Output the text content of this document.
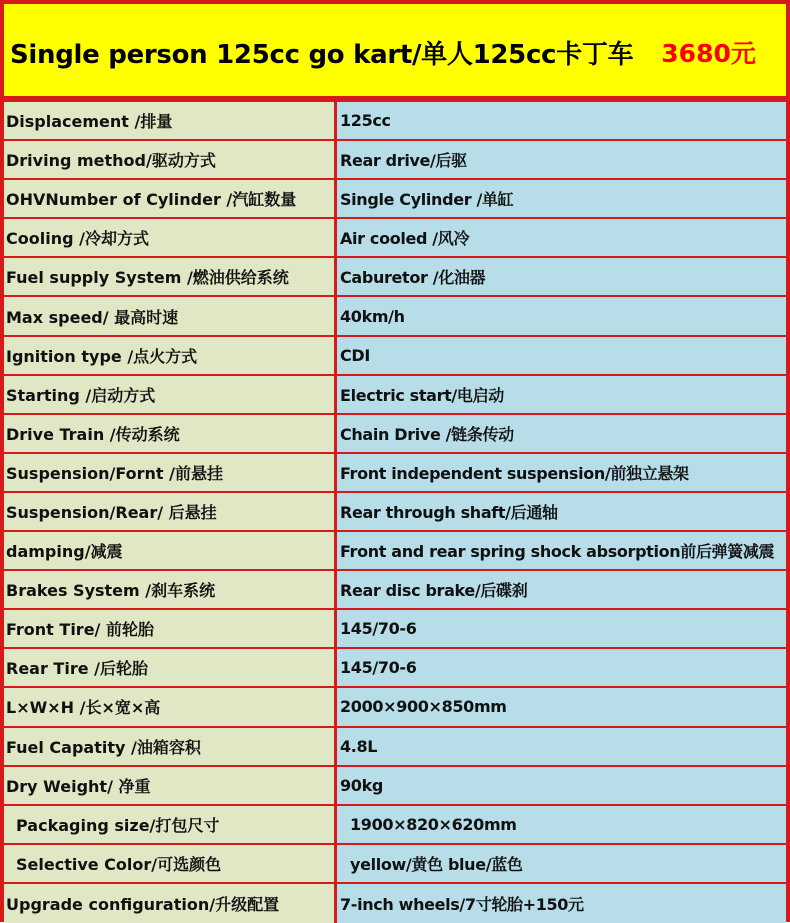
Single person 125cc go kart/单人125cc卡丁车 3680元
Displacement /排量	125cc
Driving method/驱动方式	Rear drive/后驱
OHVNumber of Cylinder /汽缸数量	Single Cylinder /单缸
Cooling /冷却方式	Air cooled /风冷
Fuel supply System /燃油供给系统	Caburetor /化油器
Max speed/ 最高时速	40km/h
Ignition type /点火方式	CDI
Starting /启动方式	Electric start/电启动
Drive Train /传动系统	Chain Drive /链条传动
Suspension/Fornt /前悬挂	Front independent suspension/前独立悬架
Suspension/Rear/ 后悬挂	Rear through shaft/后通轴
damping/减震	Front and rear spring shock absorption前后弹簧减震
Brakes System /刹车系统	Rear disc brake/后碟刹
Front Tire/ 前轮胎	145/70-6
Rear Tire /后轮胎	145/70-6
L×W×H /长×宽×高	2000×900×850mm
Fuel Capatity /油箱容积	4.8L
Dry Weight/ 净重	90kg
Packaging size/打包尺寸	1900×820×620mm
Selective Color/可选颜色	yellow/黄色 blue/蓝色
Upgrade configuration/升级配置	7-inch wheels/7寸轮胎+150元
